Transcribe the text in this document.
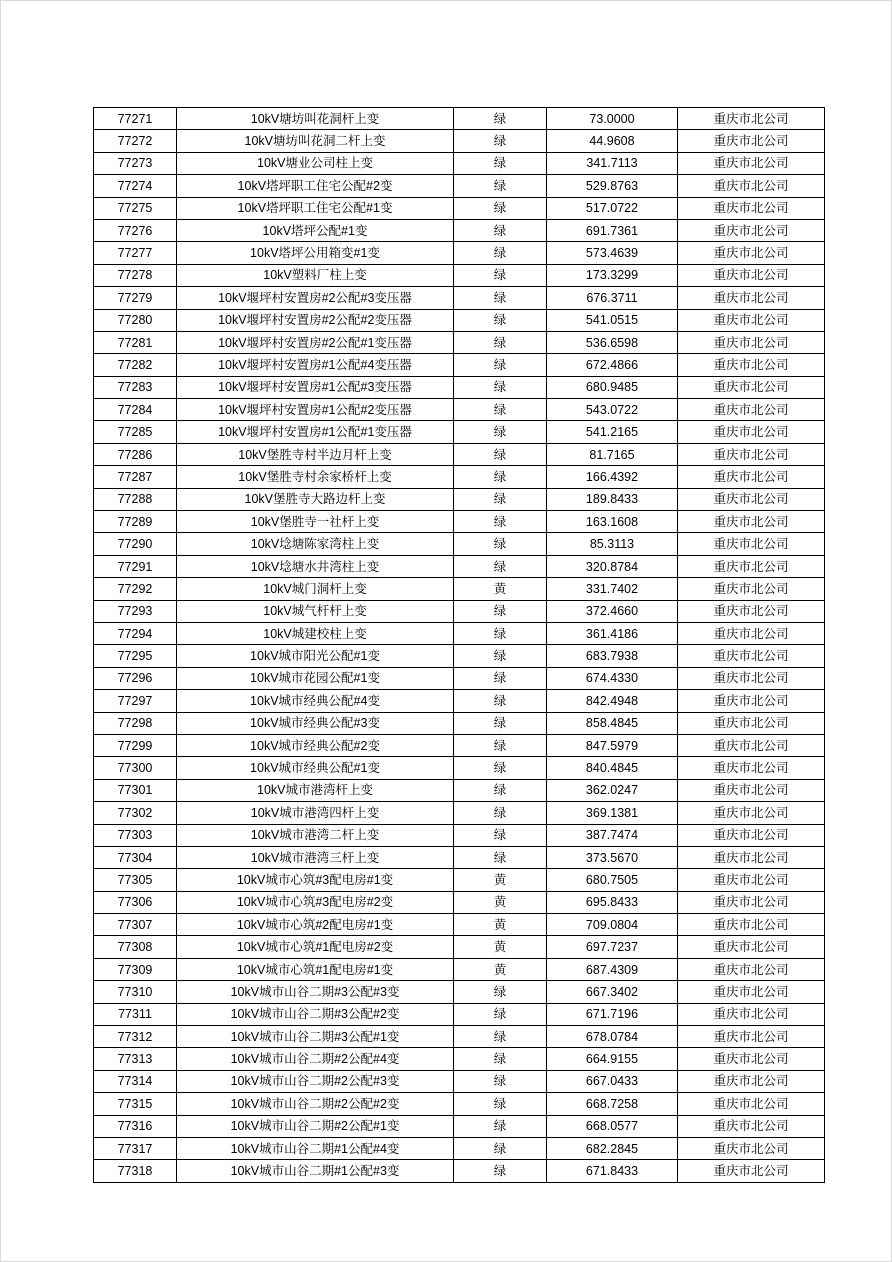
77271	10kV塘坊叫花洞杆上变	绿	73.0000	重庆市北公司
77272	10kV塘坊叫花洞二杆上变	绿	44.9608	重庆市北公司
77273	10kV塘业公司柱上变	绿	341.7113	重庆市北公司
77274	10kV塔坪职工住宅公配#2变	绿	529.8763	重庆市北公司
77275	10kV塔坪职工住宅公配#1变	绿	517.0722	重庆市北公司
77276	10kV塔坪公配#1变	绿	691.7361	重庆市北公司
77277	10kV塔坪公用箱变#1变	绿	573.4639	重庆市北公司
77278	10kV塑料厂柱上变	绿	173.3299	重庆市北公司
77279	10kV堰坪村安置房#2公配#3变压器	绿	676.3711	重庆市北公司
77280	10kV堰坪村安置房#2公配#2变压器	绿	541.0515	重庆市北公司
77281	10kV堰坪村安置房#2公配#1变压器	绿	536.6598	重庆市北公司
77282	10kV堰坪村安置房#1公配#4变压器	绿	672.4866	重庆市北公司
77283	10kV堰坪村安置房#1公配#3变压器	绿	680.9485	重庆市北公司
77284	10kV堰坪村安置房#1公配#2变压器	绿	543.0722	重庆市北公司
77285	10kV堰坪村安置房#1公配#1变压器	绿	541.2165	重庆市北公司
77286	10kV堡胜寺村半边月杆上变	绿	81.7165	重庆市北公司
77287	10kV堡胜寺村余家桥杆上变	绿	166.4392	重庆市北公司
77288	10kV堡胜寺大路边杆上变	绿	189.8433	重庆市北公司
77289	10kV堡胜寺一社杆上变	绿	163.1608	重庆市北公司
77290	10kV埝塘陈家湾柱上变	绿	85.3113	重庆市北公司
77291	10kV埝塘水井湾柱上变	绿	320.8784	重庆市北公司
77292	10kV城门洞杆上变	黄	331.7402	重庆市北公司
77293	10kV城气杆杆上变	绿	372.4660	重庆市北公司
77294	10kV城建校柱上变	绿	361.4186	重庆市北公司
77295	10kV城市阳光公配#1变	绿	683.7938	重庆市北公司
77296	10kV城市花园公配#1变	绿	674.4330	重庆市北公司
77297	10kV城市经典公配#4变	绿	842.4948	重庆市北公司
77298	10kV城市经典公配#3变	绿	858.4845	重庆市北公司
77299	10kV城市经典公配#2变	绿	847.5979	重庆市北公司
77300	10kV城市经典公配#1变	绿	840.4845	重庆市北公司
77301	10kV城市港湾杆上变	绿	362.0247	重庆市北公司
77302	10kV城市港湾四杆上变	绿	369.1381	重庆市北公司
77303	10kV城市港湾二杆上变	绿	387.7474	重庆市北公司
77304	10kV城市港湾三杆上变	绿	373.5670	重庆市北公司
77305	10kV城市心筑#3配电房#1变	黄	680.7505	重庆市北公司
77306	10kV城市心筑#3配电房#2变	黄	695.8433	重庆市北公司
77307	10kV城市心筑#2配电房#1变	黄	709.0804	重庆市北公司
77308	10kV城市心筑#1配电房#2变	黄	697.7237	重庆市北公司
77309	10kV城市心筑#1配电房#1变	黄	687.4309	重庆市北公司
77310	10kV城市山谷二期#3公配#3变	绿	667.3402	重庆市北公司
77311	10kV城市山谷二期#3公配#2变	绿	671.7196	重庆市北公司
77312	10kV城市山谷二期#3公配#1变	绿	678.0784	重庆市北公司
77313	10kV城市山谷二期#2公配#4变	绿	664.9155	重庆市北公司
77314	10kV城市山谷二期#2公配#3变	绿	667.0433	重庆市北公司
77315	10kV城市山谷二期#2公配#2变	绿	668.7258	重庆市北公司
77316	10kV城市山谷二期#2公配#1变	绿	668.0577	重庆市北公司
77317	10kV城市山谷二期#1公配#4变	绿	682.2845	重庆市北公司
77318	10kV城市山谷二期#1公配#3变	绿	671.8433	重庆市北公司
